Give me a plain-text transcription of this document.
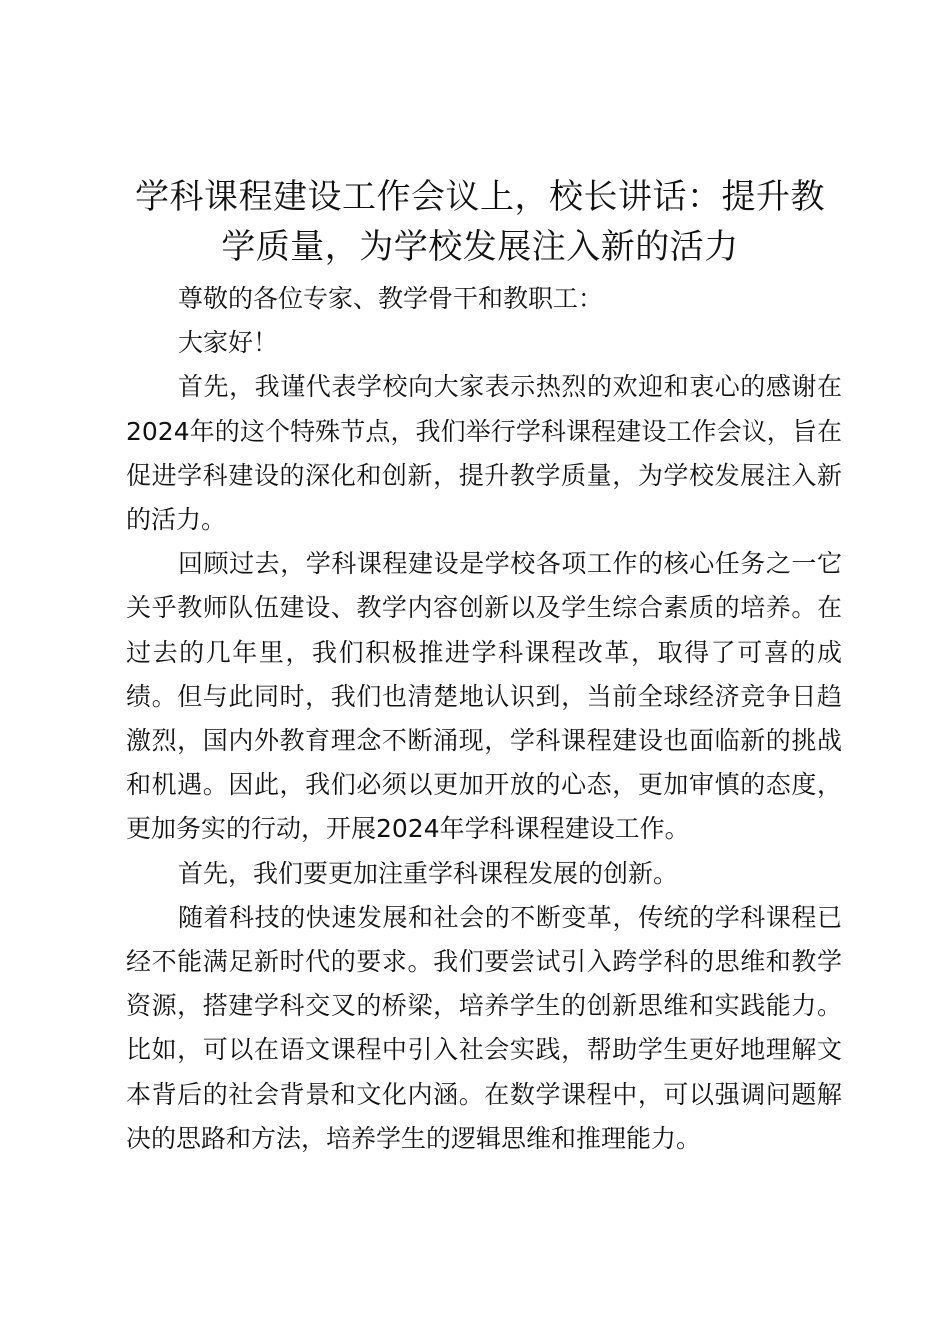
学科课程建设工作会议上，校长讲话：提升教学质量，为学校发展注入新的活力

尊敬的各位专家、教学骨干和教职工：

大家好！

首先，我谨代表学校向大家表示热烈的欢迎和衷心的感谢在2024年的这个特殊节点，我们举行学科课程建设工作会议，旨在促进学科建设的深化和创新，提升教学质量，为学校发展注入新的活力。

回顾过去，学科课程建设是学校各项工作的核心任务之一它关乎教师队伍建设、教学内容创新以及学生综合素质的培养。在过去的几年里，我们积极推进学科课程改革，取得了可喜的成绩。但与此同时，我们也清楚地认识到，当前全球经济竞争日趋激烈，国内外教育理念不断涌现，学科课程建设也面临新的挑战和机遇。因此，我们必须以更加开放的心态，更加审慎的态度，更加务实的行动，开展2024年学科课程建设工作。

首先，我们要更加注重学科课程发展的创新。

随着科技的快速发展和社会的不断变革，传统的学科课程已经不能满足新时代的要求。我们要尝试引入跨学科的思维和教学资源，搭建学科交叉的桥梁，培养学生的创新思维和实践能力。比如，可以在语文课程中引入社会实践，帮助学生更好地理解文本背后的社会背景和文化内涵。在数学课程中，可以强调问题解决的思路和方法，培养学生的逻辑思维和推理能力。
